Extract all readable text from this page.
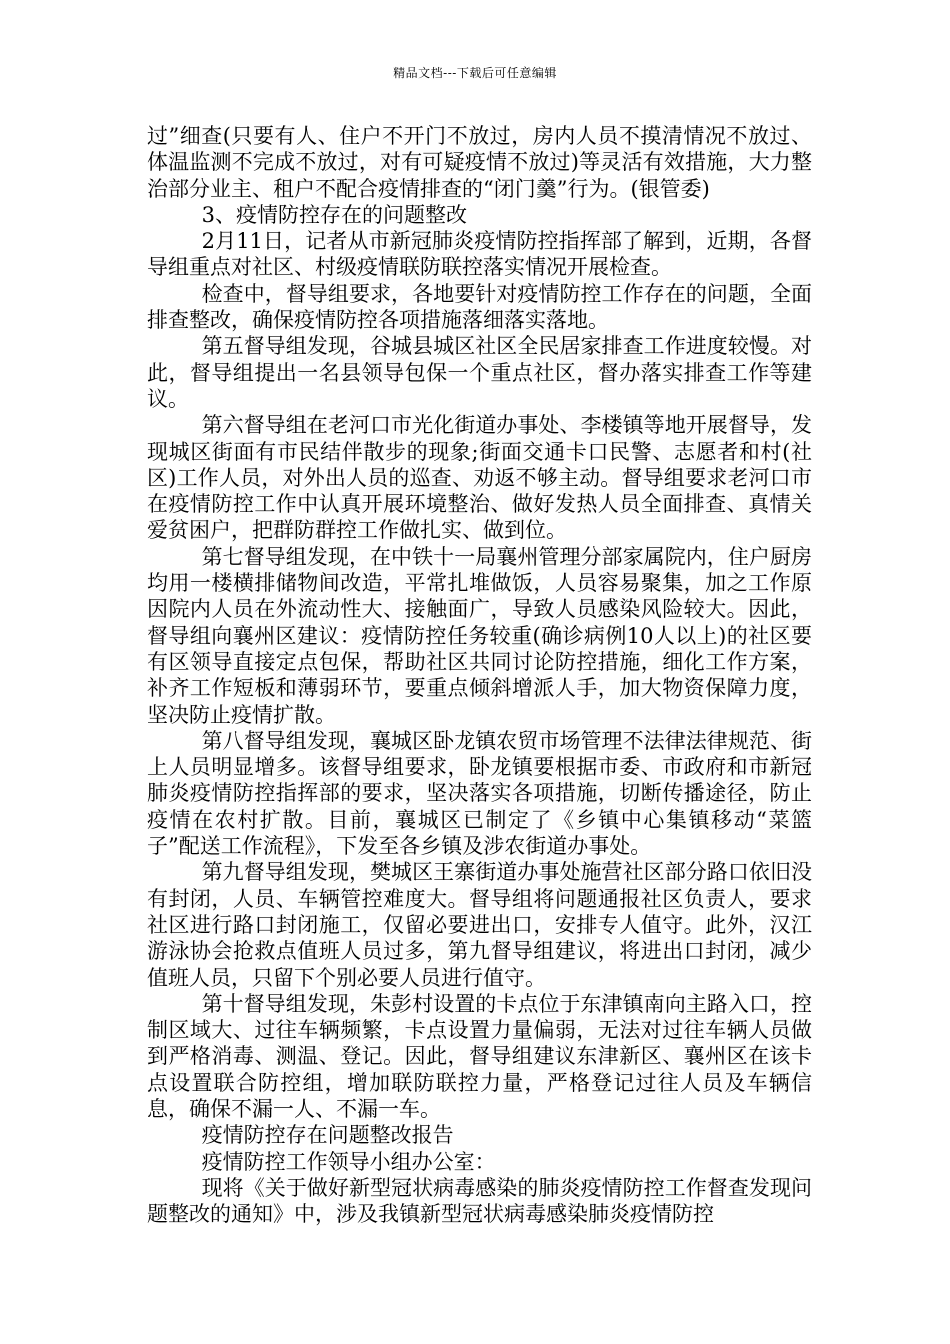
精品文档---下载后可任意编辑

过”细查(只要有人、住户不开门不放过，房内人员不摸清情况不放过、体温监测不完成不放过，对有可疑疫情不放过)等灵活有效措施，大力整治部分业主、租户不配合疫情排查的“闭门羹”行为。(银管委)

3、疫情防控存在的问题整改

2月11日，记者从市新冠肺炎疫情防控指挥部了解到，近期，各督导组重点对社区、村级疫情联防联控落实情况开展检查。

检查中，督导组要求，各地要针对疫情防控工作存在的问题，全面排查整改，确保疫情防控各项措施落细落实落地。

第五督导组发现，谷城县城区社区全民居家排查工作进度较慢。对此，督导组提出一名县领导包保一个重点社区，督办落实排查工作等建议。

第六督导组在老河口市光化街道办事处、李楼镇等地开展督导，发现城区街面有市民结伴散步的现象;街面交通卡口民警、志愿者和村(社区)工作人员，对外出人员的巡查、劝返不够主动。督导组要求老河口市在疫情防控工作中认真开展环境整治、做好发热人员全面排查、真情关爱贫困户，把群防群控工作做扎实、做到位。

第七督导组发现，在中铁十一局襄州管理分部家属院内，住户厨房均用一楼横排储物间改造，平常扎堆做饭，人员容易聚集，加之工作原因院内人员在外流动性大、接触面广，导致人员感染风险较大。因此，督导组向襄州区建议：疫情防控任务较重(确诊病例10人以上)的社区要有区领导直接定点包保，帮助社区共同讨论防控措施，细化工作方案，补齐工作短板和薄弱环节，要重点倾斜增派人手，加大物资保障力度，坚决防止疫情扩散。

第八督导组发现，襄城区卧龙镇农贸市场管理不法律法律规范、街上人员明显增多。该督导组要求，卧龙镇要根据市委、市政府和市新冠肺炎疫情防控指挥部的要求，坚决落实各项措施，切断传播途径，防止疫情在农村扩散。目前，襄城区已制定了《乡镇中心集镇移动“菜篮子”配送工作流程》，下发至各乡镇及涉农街道办事处。

第九督导组发现，樊城区王寨街道办事处施营社区部分路口依旧没有封闭，人员、车辆管控难度大。督导组将问题通报社区负责人，要求社区进行路口封闭施工，仅留必要进出口，安排专人值守。此外，汉江游泳协会抢救点值班人员过多，第九督导组建议，将进出口封闭，减少值班人员，只留下个别必要人员进行值守。

第十督导组发现，朱彭村设置的卡点位于东津镇南向主路入口，控制区域大、过往车辆频繁，卡点设置力量偏弱，无法对过往车辆人员做到严格消毒、测温、登记。因此，督导组建议东津新区、襄州区在该卡点设置联合防控组，增加联防联控力量，严格登记过往人员及车辆信息，确保不漏一人、不漏一车。

疫情防控存在问题整改报告

疫情防控工作领导小组办公室：

现将《关于做好新型冠状病毒感染的肺炎疫情防控工作督查发现问题整改的通知》中，涉及我镇新型冠状病毒感染肺炎疫情防控
